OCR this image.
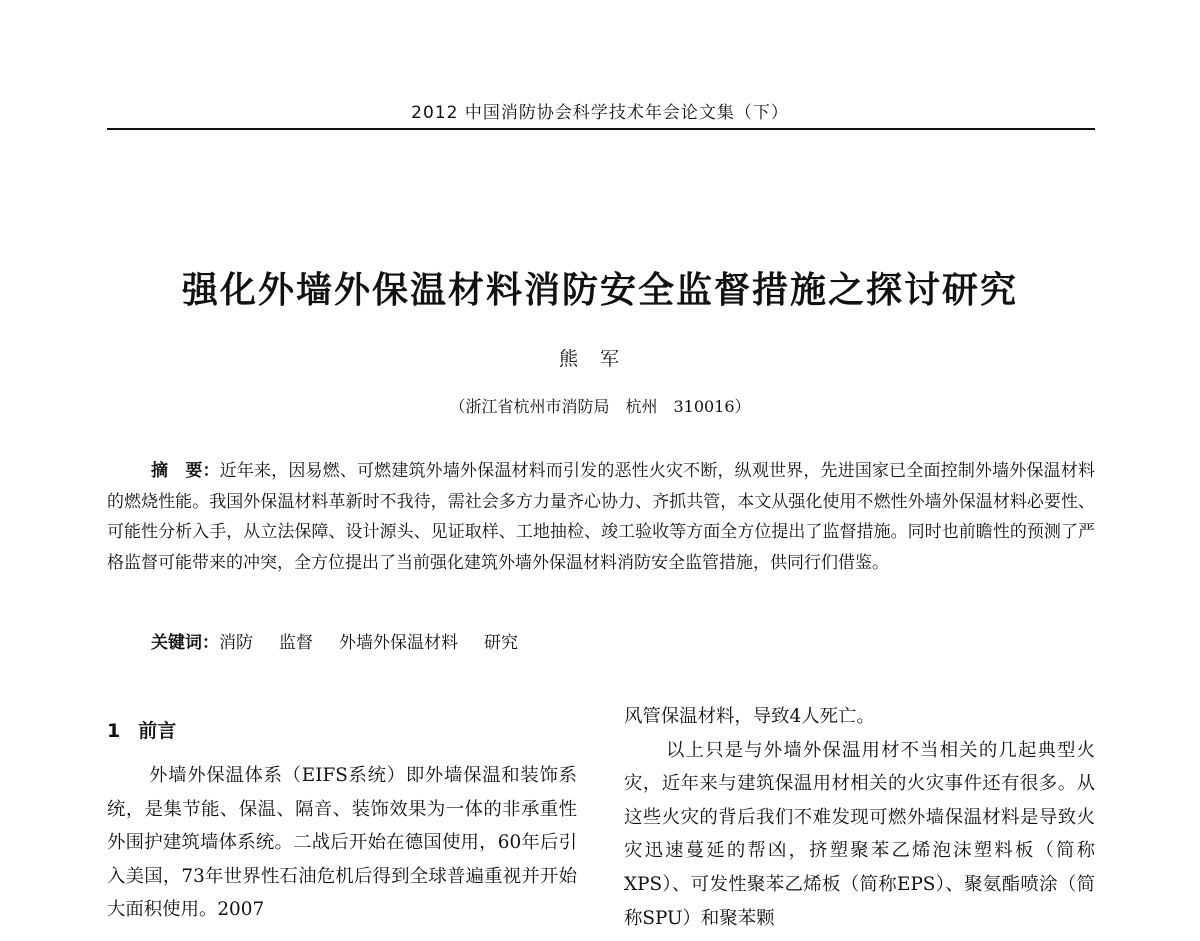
2012 中国消防协会科学技术年会论文集（下）
强化外墙外保温材料消防安全监督措施之探讨研究
熊军
（浙江省杭州市消防局　杭州　310016）

摘　要：近年来，因易燃、可燃建筑外墙外保温材料而引发的恶性火灾不断，纵观世界，先进国家已全面控制外墙外保温材料的燃烧性能。我国外保温材料革新时不我待，需社会多方力量齐心协力、齐抓共管，本文从强化使用不燃性外墙外保温材料必要性、可能性分析入手，从立法保障、设计源头、见证取样、工地抽检、竣工验收等方面全方位提出了监督措施。同时也前瞻性的预测了严格监督可能带来的冲突，全方位提出了当前强化建筑外墙外保温材料消防安全监管措施，供同行们借鉴。

关键词：消防 监督 外墙外保温材料 研究
1 前言

外墙外保温体系（EIFS系统）即外墙保温和装饰系统，是集节能、保温、隔音、装饰效果为一体的非承重性外围护建筑墙体系统。二战后开始在德国使用，60年后引入美国，73年世界性石油危机后得到全球普遍重视并开始大面积使用。2007

风管保温材料，导致4人死亡。
以上只是与外墙外保温用材不当相关的几起典型火灾，近年来与建筑保温用材相关的火灾事件还有很多。从这些火灾的背后我们不难发现可燃外墙保温材料是导致火灾迅速蔓延的帮凶，挤塑聚苯乙烯泡沫塑料板（简称XPS）、可发性聚苯乙烯板（简称EPS）、聚氨酯喷涂（简称SPU）和聚苯颗
